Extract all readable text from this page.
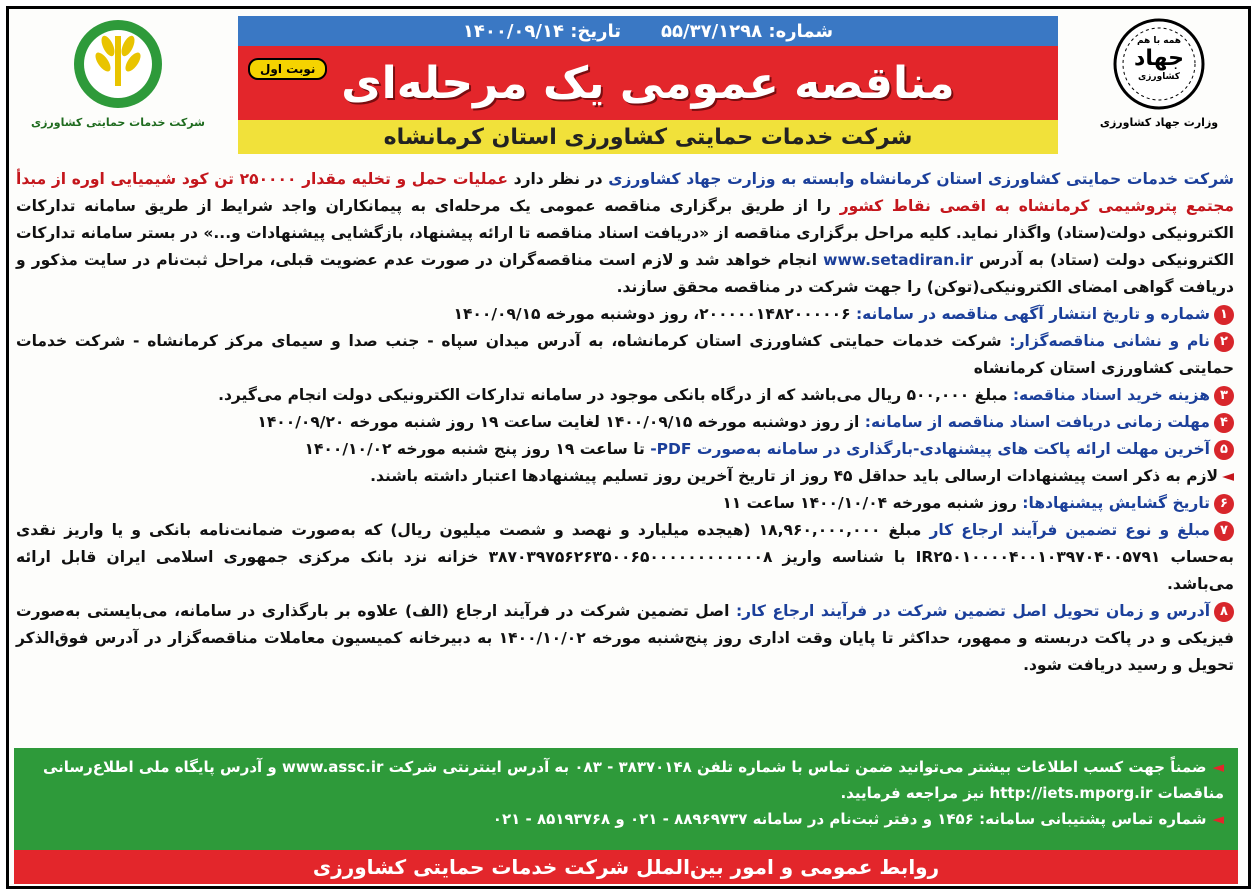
شرکت خدمات حمایتی کشاورزی
همه با هم
جهاد
کشاورزی
وزارت جهاد کشاورزی
شماره: ۵۵/۳۷/۱۲۹۸
تاریخ: ۱۴۰۰/۰۹/۱۴
مناقصه عمومی یک مرحله‌ای
نوبت اول
شرکت خدمات حمایتی کشاورزی استان کرمانشاه
شرکت خدمات حمایتی کشاورزی استان کرمانشاه وابسته به وزارت جهاد کشاورزی در نظر دارد عملیات حمل و تخلیه مقدار ۲۵۰۰۰۰ تن کود شیمیایی اوره از مبدأ مجتمع پتروشیمی کرمانشاه به اقصی نقاط کشور را از طریق برگزاری مناقصه عمومی یک مرحله‌ای به پیمانکاران واجد شرایط از طریق سامانه تدارکات الکترونیکی دولت(ستاد) واگذار نماید. کلیه مراحل برگزاری مناقصه از «دریافت اسناد مناقصه تا ارائه پیشنهاد، بازگشایی پیشنهادات و...» در بستر سامانه تدارکات الکترونیکی دولت (ستاد) به آدرس www.setadiran.ir انجام خواهد شد و لازم است مناقصه‌گران در صورت عدم عضویت قبلی، مراحل ثبت‌نام در سایت مذکور و دریافت گواهی امضای الکترونیکی(توکن) را جهت شرکت در مناقصه محقق سازند.
۱شماره و تاریخ انتشار آگهی مناقصه در سامانه: ۲۰۰۰۰۰۱۴۸۲۰۰۰۰۰۶، روز دوشنبه مورخه ۱۴۰۰/۰۹/۱۵
۲نام و نشانی مناقصه‌گزار: شرکت خدمات حمایتی کشاورزی استان کرمانشاه، به آدرس میدان سپاه - جنب صدا و سیمای مرکز کرمانشاه - شرکت خدمات حمایتی کشاورزی استان کرمانشاه
۳هزینه خرید اسناد مناقصه: مبلغ ۵۰۰,۰۰۰ ریال می‌باشد که از درگاه بانکی موجود در سامانه تدارکات الکترونیکی دولت انجام می‌گیرد.
۴مهلت زمانی دریافت اسناد مناقصه از سامانه: از روز دوشنبه مورخه ۱۴۰۰/۰۹/۱۵ لغایت ساعت ۱۹ روز شنبه مورخه ۱۴۰۰/۰۹/۲۰
۵آخرین مهلت ارائه پاکت های پیشنهادی-بارگذاری در سامانه به‌صورت PDF- تا ساعت ۱۹ روز پنج شنبه مورخه ۱۴۰۰/۱۰/۰۲
◄لازم به ذکر است پیشنهادات ارسالی باید حداقل ۴۵ روز از تاریخ آخرین روز تسلیم پیشنهادها اعتبار داشته باشند.
۶تاریخ گشایش پیشنهادها: روز شنبه مورخه ۱۴۰۰/۱۰/۰۴ ساعت ۱۱
۷مبلغ و نوع تضمین فرآیند ارجاع کار مبلغ ۱۸,۹۶۰,۰۰۰,۰۰۰ (هیجده میلیارد و نهصد و شصت میلیون ریال) که به‌صورت ضمانت‌نامه بانکی و یا واریز نقدی به‌حساب IR۲۵۰۱۰۰۰۰۴۰۰۱۰۳۹۷۰۴۰۰۵۷۹۱ با شناسه واریز ۳۸۷۰۳۹۷۵۶۲۶۳۵۰۰۶۵۰۰۰۰۰۰۰۰۰۰۰۰۸ خزانه نزد بانک مرکزی جمهوری اسلامی ایران قابل ارائه می‌باشد.
۸آدرس و زمان تحویل اصل تضمین شرکت در فرآیند ارجاع کار: اصل تضمین شرکت در فرآیند ارجاع (الف) علاوه بر بارگذاری در سامانه، می‌بایستی به‌صورت فیزیکی و در پاکت دربسته و ممهور، حداکثر تا پایان وقت اداری روز پنج‌شنبه مورخه ۱۴۰۰/۱۰/۰۲ به دبیرخانه کمیسیون معاملات مناقصه‌گزار در آدرس فوق‌الذکر تحویل و رسید دریافت شود.
◄ضمناً جهت کسب اطلاعات بیشتر می‌توانید ضمن تماس با شماره تلفن ۳۸۳۷۰۱۴۸ - ۰۸۳ به آدرس اینترنتی شرکت www.assc.ir و آدرس پایگاه ملی اطلاع‌رسانی مناقصات http://iets.mporg.ir نیز مراجعه فرمایید.
◄شماره تماس پشتیبانی سامانه: ۱۴۵۶ و دفتر ثبت‌نام در سامانه ۸۸۹۶۹۷۳۷ - ۰۲۱ و ۸۵۱۹۳۷۶۸ - ۰۲۱
روابط عمومی و امور بین‌الملل شرکت خدمات حمایتی کشاورزی
